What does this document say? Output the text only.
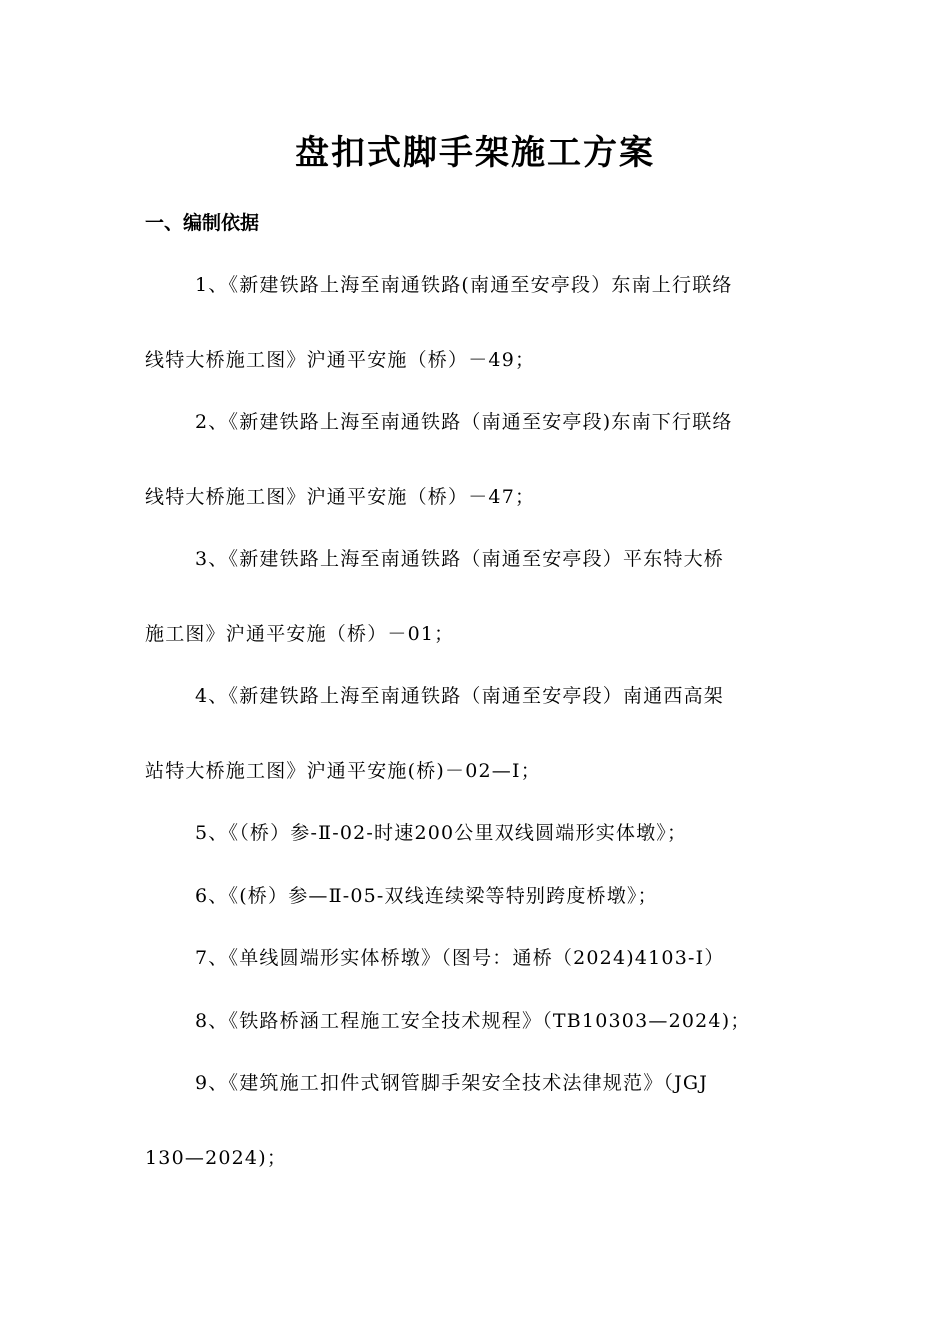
盘扣式脚手架施工方案
一、编制依据

1、《新建铁路上海至南通铁路(南通至安亭段）东南上行联络

线特大桥施工图》沪通平安施（桥）－49；

2、《新建铁路上海至南通铁路（南通至安亭段)东南下行联络

线特大桥施工图》沪通平安施（桥）－47；

3、《新建铁路上海至南通铁路（南通至安亭段）平东特大桥

施工图》沪通平安施（桥）－01；

4、《新建铁路上海至南通铁路（南通至安亭段）南通西高架

站特大桥施工图》沪通平安施(桥)－02—I；

5、《（桥）参-Ⅱ-02-时速200公里双线圆端形实体墩》；

6、《(桥）参—Ⅱ-05-双线连续梁等特别跨度桥墩》；

7、《单线圆端形实体桥墩》（图号：通桥（2024)4103-I）

8、《铁路桥涵工程施工安全技术规程》（TB10303—2024)；

9、《建筑施工扣件式钢管脚手架安全技术法律规范》（JGJ

130—2024)；
